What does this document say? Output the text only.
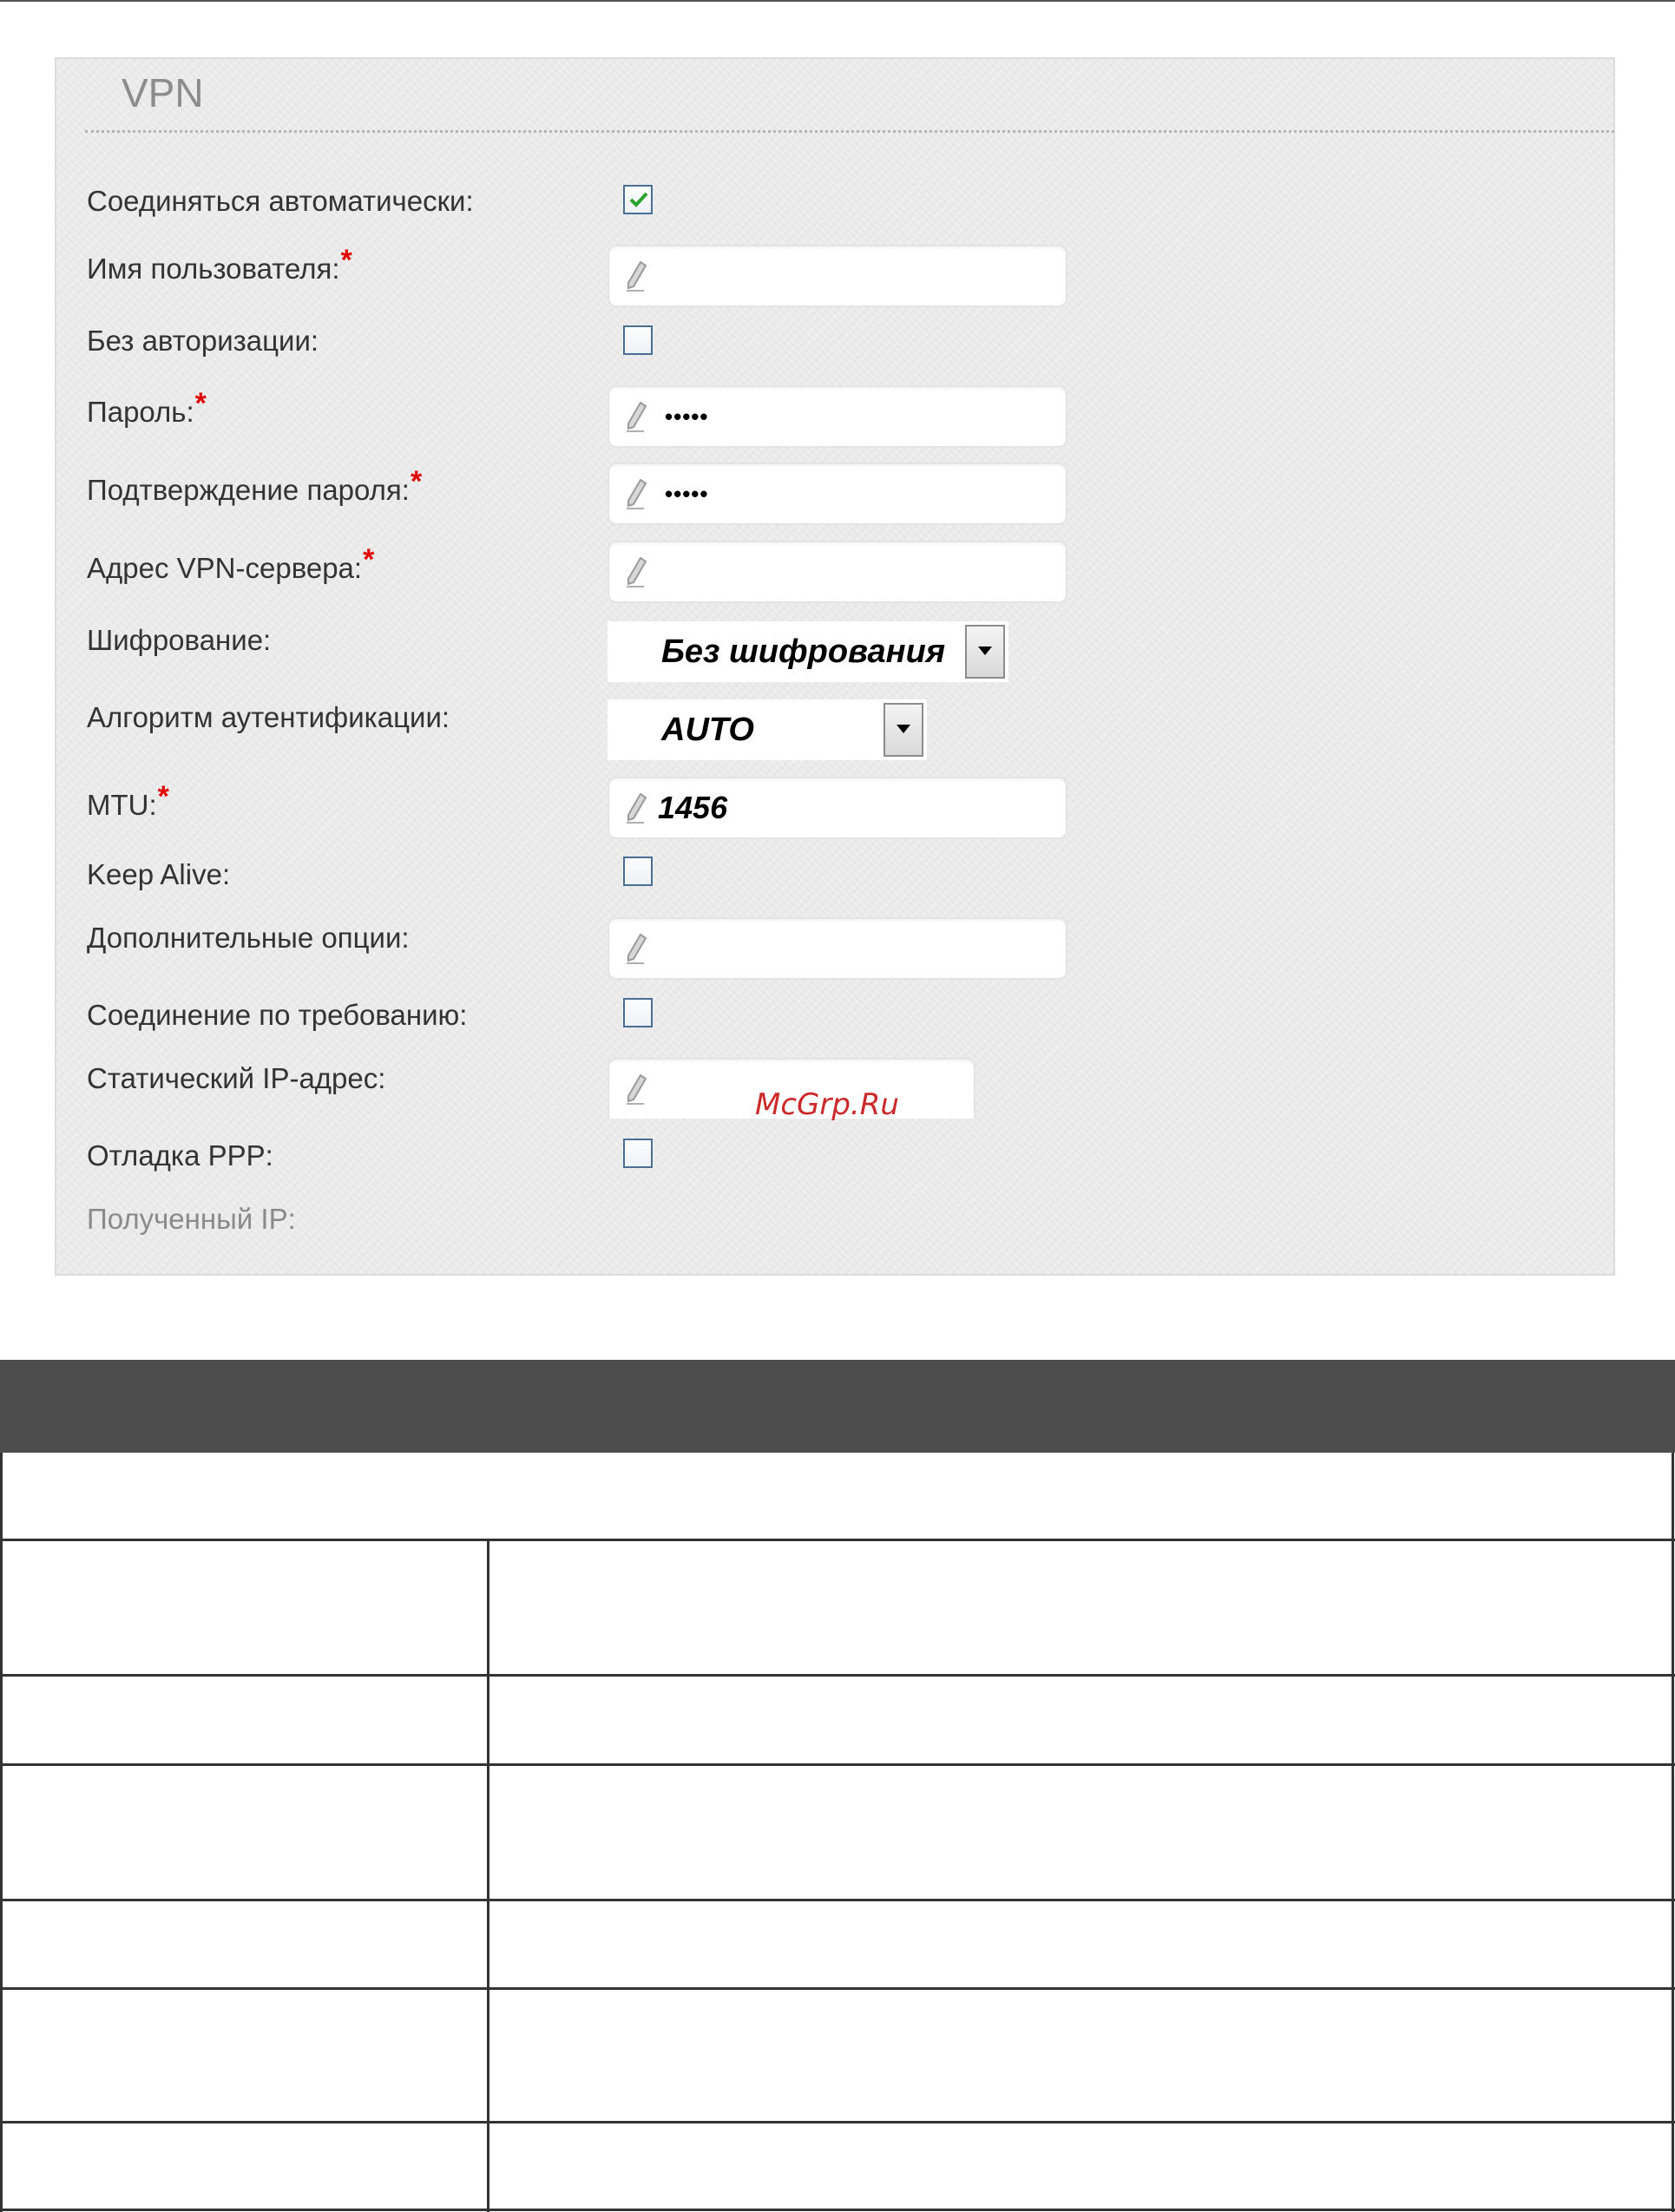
VPN
Соединяться автоматически:
Имя пользователя:*
Без авторизации:
Пароль:*	•••••
Подтверждение пароля:*	•••••
Адрес VPN-сервера:*
Шифрование:	Без шифрования
Алгоритм аутентификации:	AUTO
MTU:*	1456
Keep Alive:
Дополнительные опции:
Соединение по требованию:
Статический IP-адрес:
McGrp.Ru
Отладка PPP:
Полученный IP:
